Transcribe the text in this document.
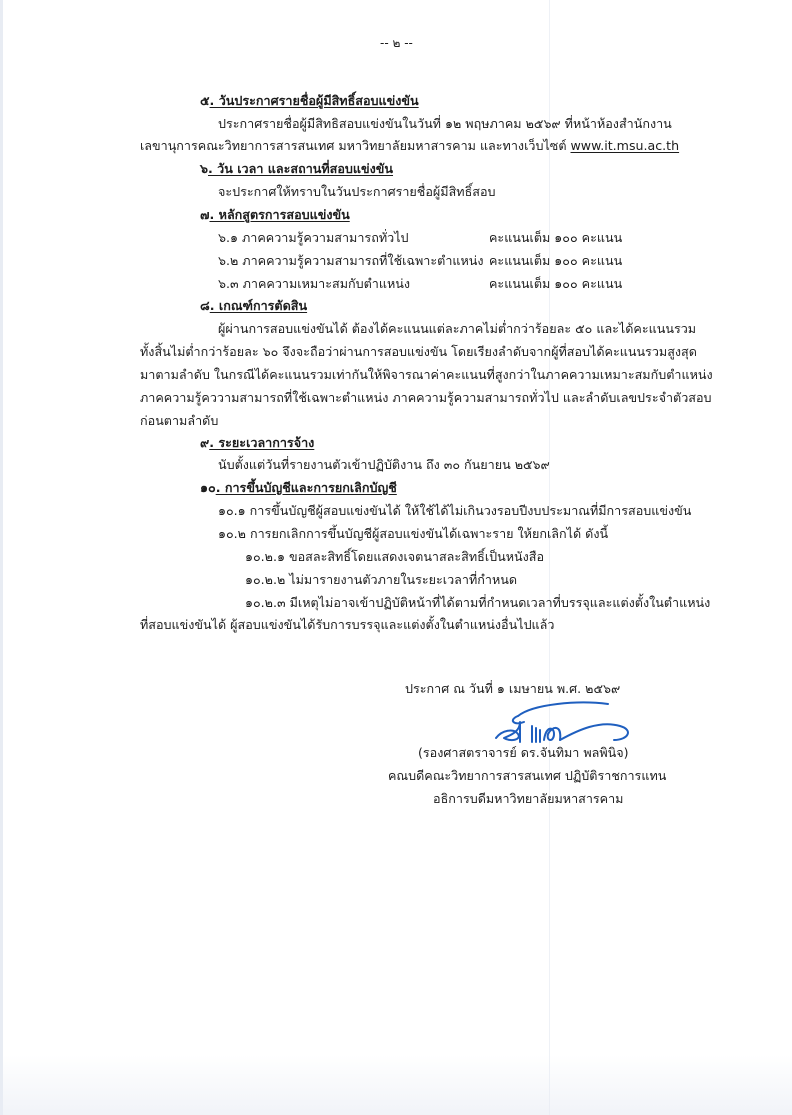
-- ๒ --
๕. วันประกาศรายชื่อผู้มีสิทธิ์สอบแข่งขัน
ประกาศรายชื่อผู้มีสิทธิสอบแข่งขันในวันที่ ๑๒ พฤษภาคม ๒๕๖๙ ที่หน้าห้องสำนักงาน
เลขานุการคณะวิทยาการสารสนเทศ มหาวิทยาลัยมหาสารคาม และทางเว็บไซต์ www.it.msu.ac.th
๖. วัน เวลา และสถานที่สอบแข่งขัน
จะประกาศให้ทราบในวันประกาศรายชื่อผู้มีสิทธิ์สอบ
๗. หลักสูตรการสอบแข่งขัน
๖.๑ ภาคความรู้ความสามารถทั่วไป	คะแนนเต็ม ๑๐๐ คะแนน
๖.๒ ภาคความรู้ความสามารถที่ใช้เฉพาะตำแหน่ง คะแนนเต็ม ๑๐๐ คะแนน
๖.๓ ภาคความเหมาะสมกับตำแหน่ง	คะแนนเต็ม ๑๐๐ คะแนน
๘. เกณฑ์การตัดสิน
ผู้ผ่านการสอบแข่งขันได้ ต้องได้คะแนนแต่ละภาคไม่ต่ำกว่าร้อยละ ๕๐ และได้คะแนนรวม
ทั้งสิ้นไม่ต่ำกว่าร้อยละ ๖๐ จึงจะถือว่าผ่านการสอบแข่งขัน โดยเรียงลำดับจากผู้ที่สอบได้คะแนนรวมสูงสุด
มาตามลำดับ ในกรณีได้คะแนนรวมเท่ากันให้พิจารณาค่าคะแนนที่สูงกว่าในภาคความเหมาะสมกับตำแหน่ง
ภาคความรู้คววามสามารถที่ใช้เฉพาะตำแหน่ง ภาคความรู้ความสามารถทั่วไป และลำดับเลขประจำตัวสอบ
ก่อนตามลำดับ
๙. ระยะเวลาการจ้าง
นับตั้งแต่วันที่รายงานตัวเข้าปฏิบัติงาน ถึง ๓๐ กันยายน ๒๕๖๙
๑๐. การขึ้นบัญชีและการยกเลิกบัญชี
๑๐.๑ การขึ้นบัญชีผู้สอบแข่งขันได้ ให้ใช้ได้ไม่เกินวงรอบปีงบประมาณที่มีการสอบแข่งขัน
๑๐.๒ การยกเลิกการขึ้นบัญชีผู้สอบแข่งขันได้เฉพาะราย ให้ยกเลิกได้ ดังนี้
๑๐.๒.๑ ขอสละสิทธิ์โดยแสดงเจตนาสละสิทธิ์เป็นหนังสือ
๑๐.๒.๒ ไม่มารายงานตัวภายในระยะเวลาที่กำหนด
๑๐.๒.๓ มีเหตุไม่อาจเข้าปฏิบัติหน้าที่ได้ตามที่กำหนดเวลาที่บรรจุและแต่งตั้งในตำแหน่ง
ที่สอบแข่งขันได้ ผู้สอบแข่งขันได้รับการบรรจุและแต่งตั้งในตำแหน่งอื่นไปแล้ว
ประกาศ ณ วันที่ ๑ เมษายน พ.ศ. ๒๕๖๙
(รองศาสตราจารย์ ดร.จันทิมา พลพินิจ)
คณบดีคณะวิทยาการสารสนเทศ ปฏิบัติราชการแทน
อธิการบดีมหาวิทยาลัยมหาสารคาม
